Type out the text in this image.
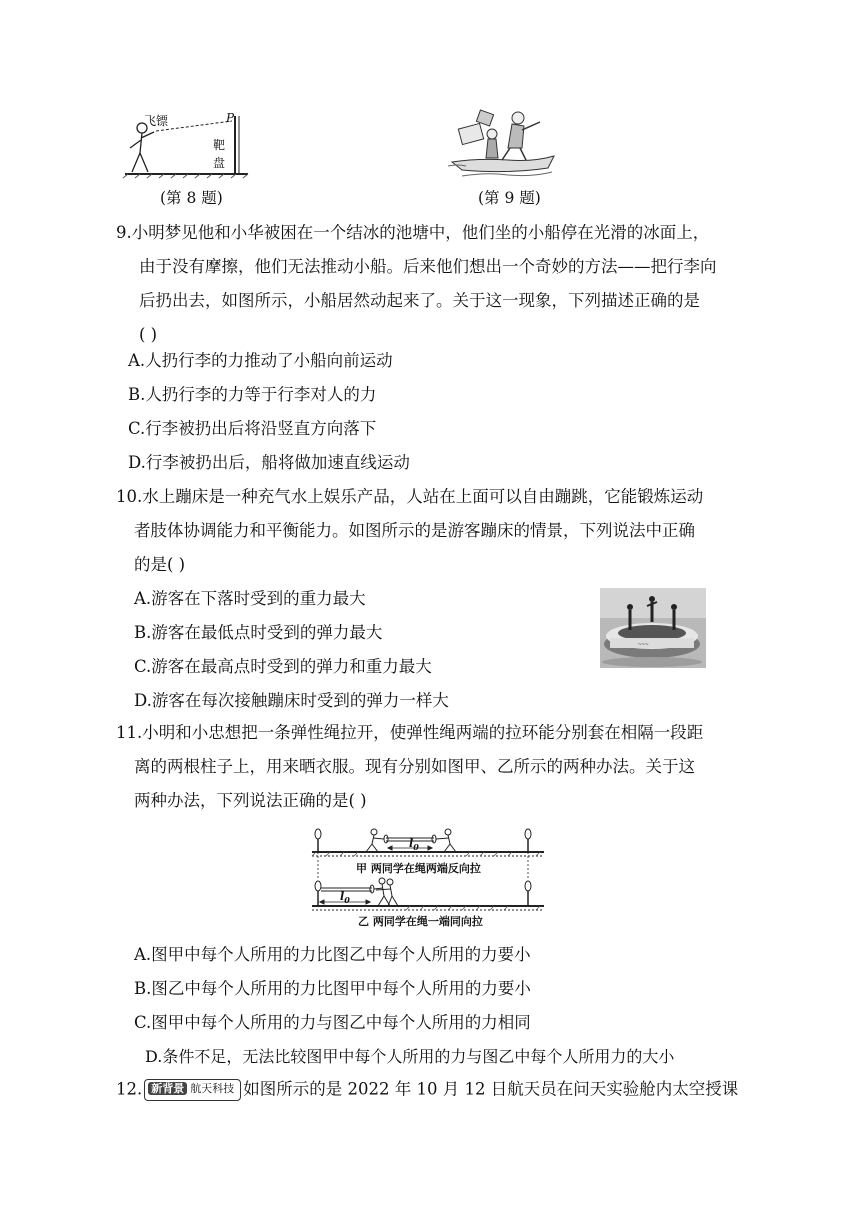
飞镖	P
靶
盘
(第 8 题)	(第 9 题)
9.小明梦见他和小华被困在一个结冰的池塘中，他们坐的小船停在光滑的冰面上，
由于没有摩擦，他们无法推动小船。后来他们想出一个奇妙的方法——把行李向
后扔出去，如图所示，小船居然动起来了。关于这一现象，下列描述正确的是
( )
A.人扔行李的力推动了小船向前运动
B.人扔行李的力等于行李对人的力
C.行李被扔出后将沿竖直方向落下
D.行李被扔出后，船将做加速直线运动
10.水上蹦床是一种充气水上娱乐产品，人站在上面可以自由蹦跳，它能锻炼运动
者肢体协调能力和平衡能力。如图所示的是游客蹦床的情景，下列说法中正确
的是( )
A.游客在下落时受到的重力最大
B.游客在最低点时受到的弹力最大
C.游客在最高点时受到的弹力和重力最大
D.游客在每次接触蹦床时受到的弹力一样大
~~~
11.小明和小忠想把一条弹性绳拉开，使弹性绳两端的拉环能分别套在相隔一段距
离的两根柱子上，用来晒衣服。现有分别如图甲、乙所示的两种办法。关于这
两种办法，下列说法正确的是( )
$l_0$
$l_0$
甲 两同学在绳两端反向拉
乙 两同学在绳一端同向拉
A.图甲中每个人所用的力比图乙中每个人所用的力要小
B.图乙中每个人所用的力比图甲中每个人所用的力要小
C.图甲中每个人所用的力与图乙中每个人所用的力相同
D.条件不足，无法比较图甲中每个人所用的力与图乙中每个人所用力的大小
12. 新背景 航天科技 如图所示的是 2022 年 10 月 12 日航天员在问天实验舱内太空授课
